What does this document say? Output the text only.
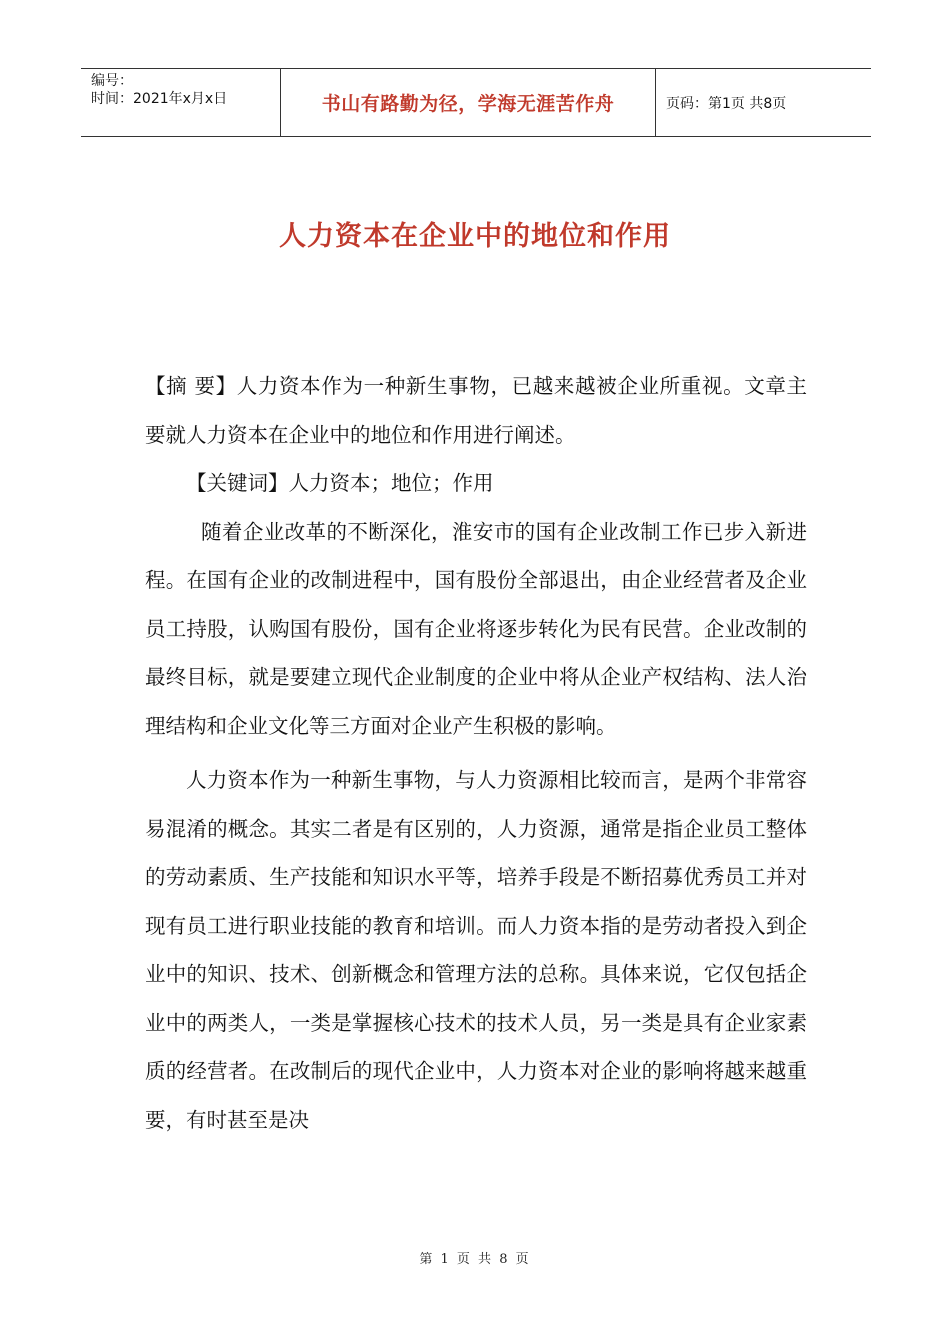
编号：
时间：2021年x月x日	书山有路勤为径，学海无涯苦作舟	页码：第1页 共8页
人力资本在企业中的地位和作用

【摘 要】人力资本作为一种新生事物，已越来越被企业所重视。文章主要就人力资本在企业中的地位和作用进行阐述。

【关键词】人力资本；地位；作用

随着企业改革的不断深化，淮安市的国有企业改制工作已步入新进程。在国有企业的改制进程中，国有股份全部退出，由企业经营者及企业员工持股，认购国有股份，国有企业将逐步转化为民有民营。企业改制的最终目标，就是要建立现代企业制度的企业中将从企业产权结构、法人治理结构和企业文化等三方面对企业产生积极的影响。

人力资本作为一种新生事物，与人力资源相比较而言，是两个非常容易混淆的概念。其实二者是有区别的，人力资源，通常是指企业员工整体的劳动素质、生产技能和知识水平等，培养手段是不断招募优秀员工并对现有员工进行职业技能的教育和培训。而人力资本指的是劳动者投入到企业中的知识、技术、创新概念和管理方法的总称。具体来说，它仅包括企业中的两类人，一类是掌握核心技术的技术人员，另一类是具有企业家素质的经营者。在改制后的现代企业中，人力资本对企业的影响将越来越重要，有时甚至是决

第 1 页 共 8 页
